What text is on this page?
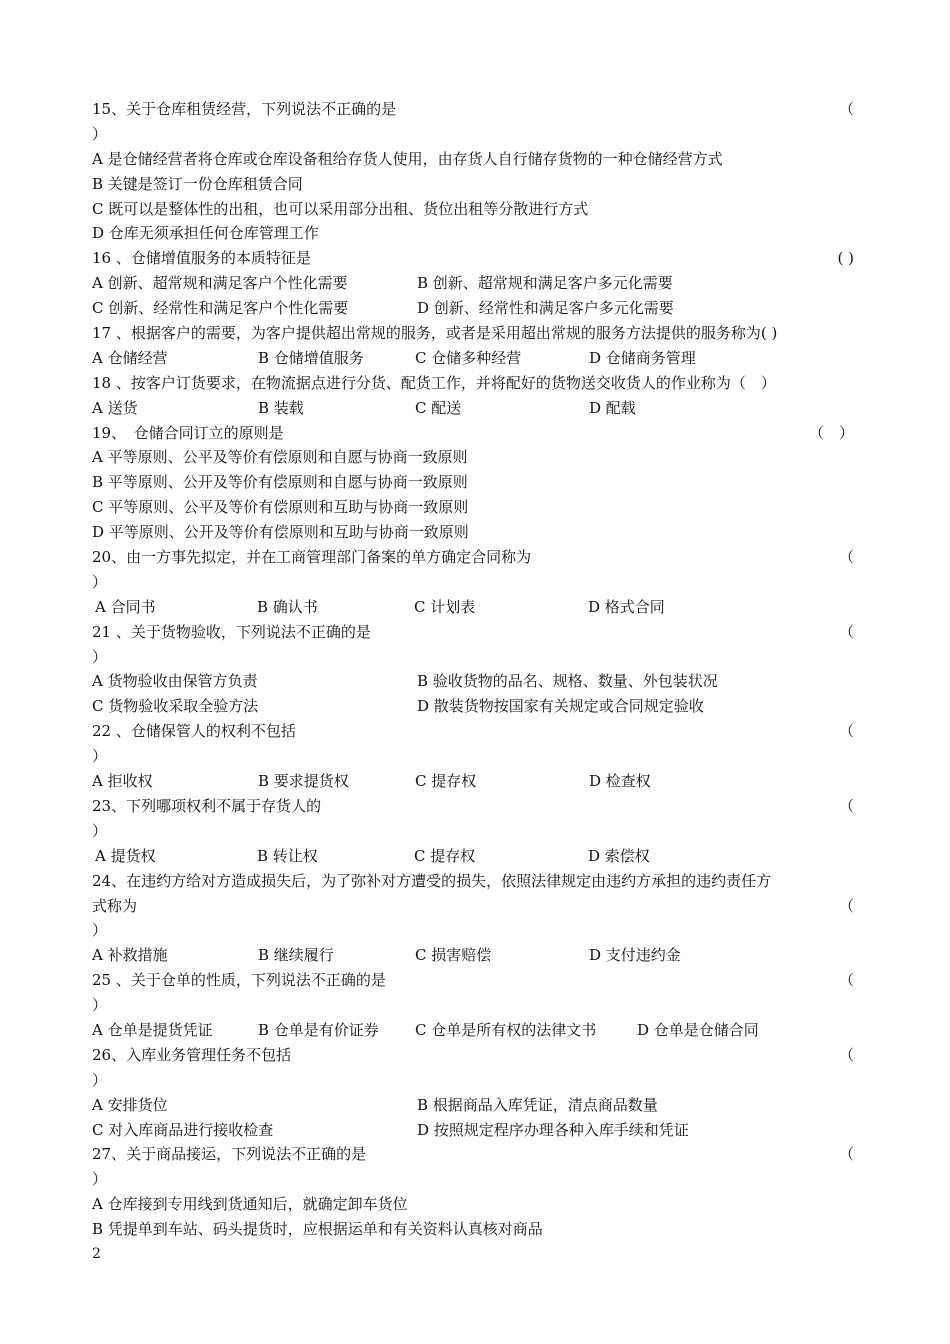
15、关于仓库租赁经营，下列说法不正确的是	（
）
A 是仓储经营者将仓库或仓库设备租给存货人使用，由存货人自行储存货物的一种仓储经营方式
B 关键是签订一份仓库租赁合同
C 既可以是整体性的出租，也可以采用部分出租、货位出租等分散进行方式
D 仓库无须承担任何仓库管理工作
16 、仓储增值服务的本质特征是	( )
A 创新、超常规和满足客户个性化需要	B 创新、超常规和满足客户多元化需要
C 创新、经常性和满足客户个性化需要	D 创新、经常性和满足客户多元化需要
17 、根据客户的需要，为客户提供超出常规的服务，或者是采用超出常规的服务方法提供的服务称为( )
A 仓储经营	B 仓储增值服务	C 仓储多种经营	D 仓储商务管理
18 、按客户订货要求，在物流据点进行分货、配货工作，并将配好的货物送交收货人的作业称为（　）
A 送货	B 装载	C 配送	D 配载
19、　仓储合同订立的原则是	（　）
A 平等原则、公平及等价有偿原则和自愿与协商一致原则
B 平等原则、公开及等价有偿原则和自愿与协商一致原则
C 平等原则、公平及等价有偿原则和互助与协商一致原则
D 平等原则、公开及等价有偿原则和互助与协商一致原则
20、由一方事先拟定，并在工商管理部门备案的单方确定合同称为	（
）
A 合同书	B 确认书	C 计划表	D 格式合同
21 、关于货物验收，下列说法不正确的是	（
）
A 货物验收由保管方负责	B 验收货物的品名、规格、数量、外包装状况
C 货物验收采取全验方法	D 散装货物按国家有关规定或合同规定验收
22 、仓储保管人的权利不包括	（
）
A 拒收权	B 要求提货权	C 提存权	D 检查权
23、下列哪项权利不属于存货人的	（
）
A 提货权	B 转让权	C 提存权	D 索偿权
24、在违约方给对方造成损失后，为了弥补对方遭受的损失，依照法律规定由违约方承担的违约责任方
式称为	（
）
A 补救措施	B 继续履行	C 损害赔偿	D 支付违约金
25 、关于仓单的性质，下列说法不正确的是	（
）
A 仓单是提货凭证	B 仓单是有价证券	C 仓单是所有权的法律文书	D 仓单是仓储合同
26、入库业务管理任务不包括	（
）
A 安排货位	B 根据商品入库凭证，清点商品数量
C 对入库商品进行接收检查	D 按照规定程序办理各种入库手续和凭证
27、关于商品接运，下列说法不正确的是	（
）
A 仓库接到专用线到货通知后，就确定卸车货位
B 凭提单到车站、码头提货时，应根据运单和有关资料认真核对商品
2
